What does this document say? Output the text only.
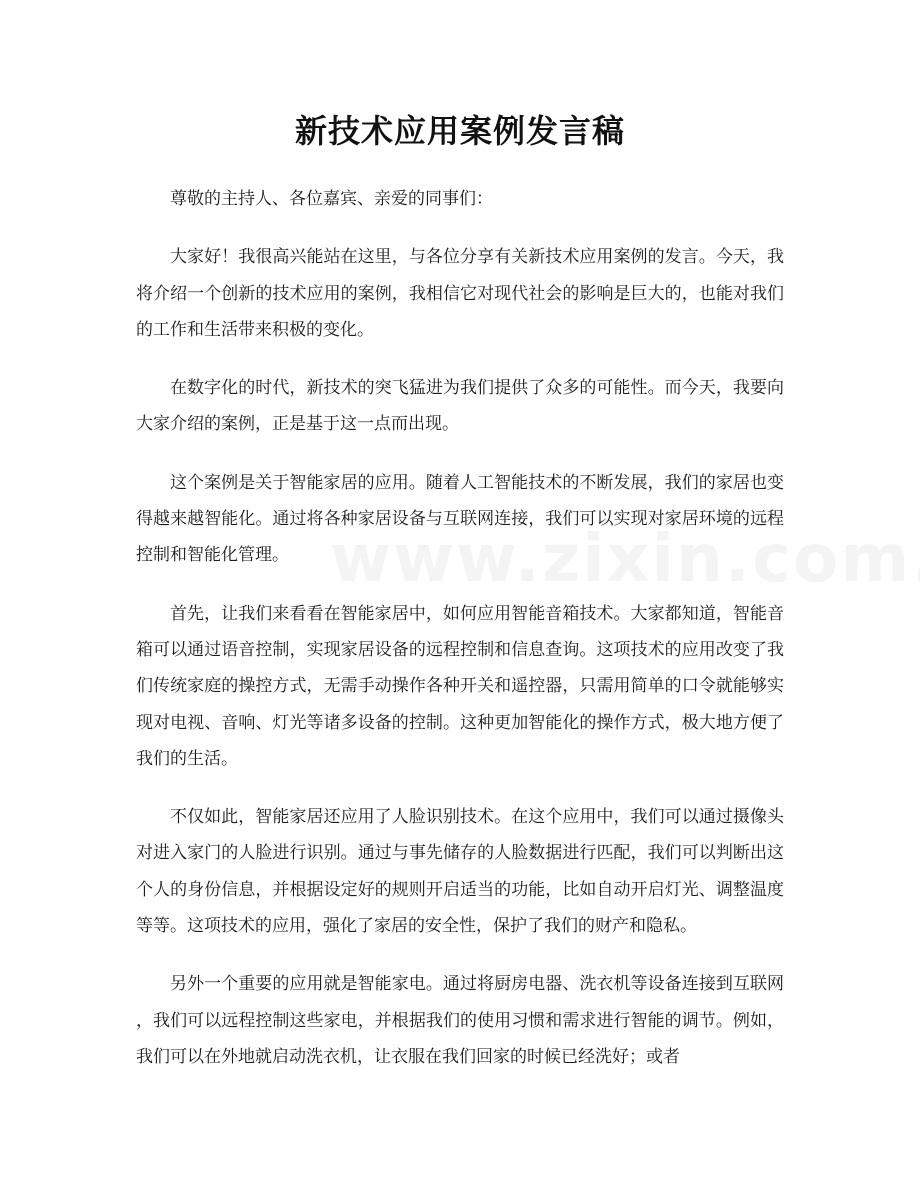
新技术应用案例发言稿

尊敬的主持人、各位嘉宾、亲爱的同事们：

大家好！我很高兴能站在这里，与各位分享有关新技术应用案例的发言。今天，我将介绍一个创新的技术应用的案例，我相信它对现代社会的影响是巨大的，也能对我们的工作和生活带来积极的变化。

在数字化的时代，新技术的突飞猛进为我们提供了众多的可能性。而今天，我要向大家介绍的案例，正是基于这一点而出现。

这个案例是关于智能家居的应用。随着人工智能技术的不断发展，我们的家居也变得越来越智能化。通过将各种家居设备与互联网连接，我们可以实现对家居环境的远程控制和智能化管理。

首先，让我们来看看在智能家居中，如何应用智能音箱技术。大家都知道，智能音箱可以通过语音控制，实现家居设备的远程控制和信息查询。这项技术的应用改变了我们传统家庭的操控方式，无需手动操作各种开关和遥控器，只需用简单的口令就能够实现对电视、音响、灯光等诸多设备的控制。这种更加智能化的操作方式，极大地方便了我们的生活。

不仅如此，智能家居还应用了人脸识别技术。在这个应用中，我们可以通过摄像头对进入家门的人脸进行识别。通过与事先储存的人脸数据进行匹配，我们可以判断出这个人的身份信息，并根据设定好的规则开启适当的功能，比如自动开启灯光、调整温度等等。这项技术的应用，强化了家居的安全性，保护了我们的财产和隐私。

另外一个重要的应用就是智能家电。通过将厨房电器、洗衣机等设备连接到互联网，我们可以远程控制这些家电，并根据我们的使用习惯和需求进行智能的调节。例如，我们可以在外地就启动洗衣机，让衣服在我们回家的时候已经洗好；或者
